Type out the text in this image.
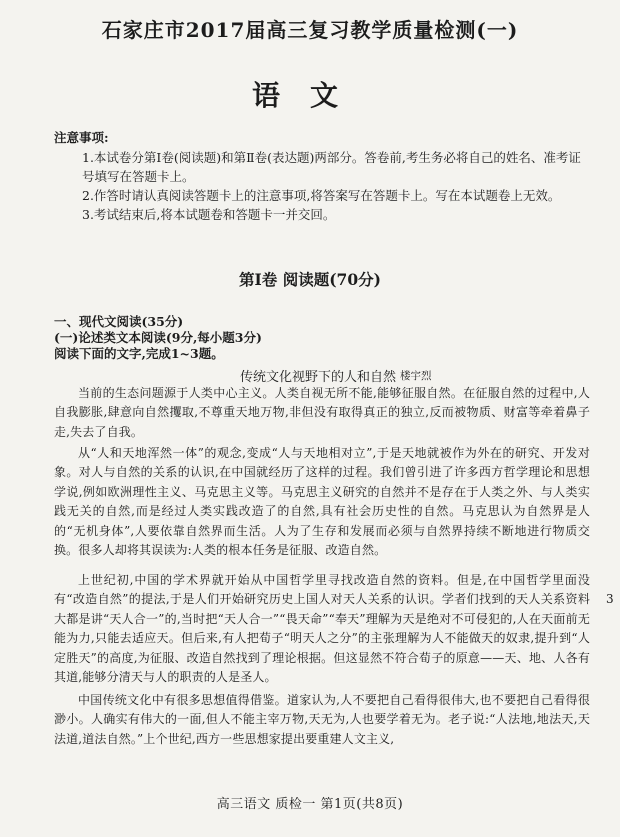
石家庄市2017届高三复习教学质量检测(一)
语文
注意事项:
1.本试卷分第Ⅰ卷(阅读题)和第Ⅱ卷(表达题)两部分。答卷前,考生务必将自己的姓名、准考证号填写在答题卡上。
2.作答时请认真阅读答题卡上的注意事项,将答案写在答题卡上。写在本试题卷上无效。
3.考试结束后,将本试题卷和答题卡一并交回。
第Ⅰ卷 阅读题(70分)
一、现代文阅读(35分)
(一)论述类文本阅读(9分,每小题3分)
阅读下面的文字,完成1~3题。
传统文化视野下的人和自然 楼宇烈
当前的生态问题源于人类中心主义。人类自视无所不能,能够征服自然。在征服自然的过程中,人自我膨胀,肆意向自然攫取,不尊重天地万物,非但没有取得真正的独立,反而被物质、财富等牵着鼻子走,失去了自我。
从“人和天地浑然一体”的观念,变成“人与天地相对立”,于是天地就被作为外在的研究、开发对象。对人与自然的关系的认识,在中国就经历了这样的过程。我们曾引进了许多西方哲学理论和思想学说,例如欧洲理性主义、马克思主义等。马克思主义研究的自然并不是存在于人类之外、与人类实践无关的自然,而是经过人类实践改造了的自然,具有社会历史性的自然。马克思认为自然界是人的“无机身体”,人要依靠自然界而生活。人为了生存和发展而必须与自然界持续不断地进行物质交换。很多人却将其误读为:人类的根本任务是征服、改造自然。
上世纪初,中国的学术界就开始从中国哲学里寻找改造自然的资料。但是,在中国哲学里面没有“改造自然”的提法,于是人们开始研究历史上国人对天人关系的认识。学者们找到的天人关系资料大都是讲“天人合一”的,当时把“天人合一”“畏天命”“奉天”理解为天是绝对不可侵犯的,人在天面前无能为力,只能去适应天。但后来,有人把荀子“明天人之分”的主张理解为人不能做天的奴隶,提升到“人定胜天”的高度,为征服、改造自然找到了理论根据。但这显然不符合荀子的原意——天、地、人各有其道,能够分清天与人的职责的人是圣人。
中国传统文化中有很多思想值得借鉴。道家认为,人不要把自己看得很伟大,也不要把自己看得很渺小。人确实有伟大的一面,但人不能主宰万物,天无为,人也要学着无为。老子说:“人法地,地法天,天法道,道法自然。”上个世纪,西方一些思想家提出要重建人文主义,
3
高三语文 质检一 第1页(共8页)
